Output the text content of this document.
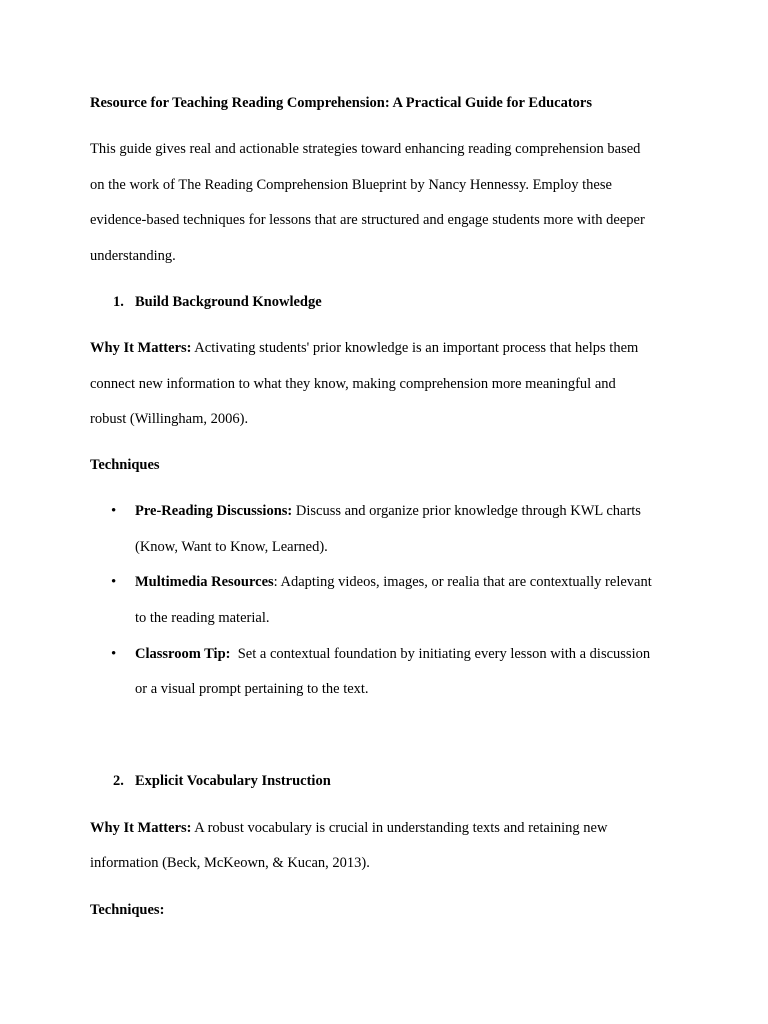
Resource for Teaching Reading Comprehension: A Practical Guide for Educators
This guide gives real and actionable strategies toward enhancing reading comprehension based
on the work of The Reading Comprehension Blueprint by Nancy Hennessy. Employ these
evidence-based techniques for lessons that are structured and engage students more with deeper
understanding.
1. Build Background Knowledge
Why It Matters: Activating students' prior knowledge is an important process that helps them
connect new information to what they know, making comprehension more meaningful and
robust (Willingham, 2006).
Techniques
• Pre-Reading Discussions: Discuss and organize prior knowledge through KWL charts
(Know, Want to Know, Learned).
• Multimedia Resources: Adapting videos, images, or realia that are contextually relevant
to the reading material.
• Classroom Tip:  Set a contextual foundation by initiating every lesson with a discussion
or a visual prompt pertaining to the text.
2. Explicit Vocabulary Instruction
Why It Matters: A robust vocabulary is crucial in understanding texts and retaining new
information (Beck, McKeown, & Kucan, 2013).
Techniques:
